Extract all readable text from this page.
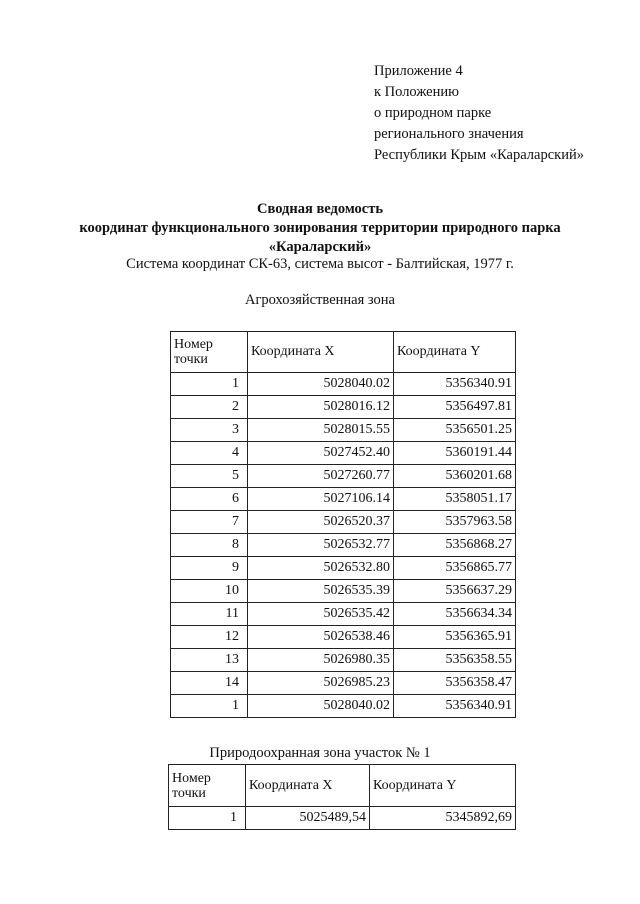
Приложение 4
к Положению
о природном парке
регионального значения
Республики Крым «Караларский»
Сводная ведомость
координат функционального зонирования территории природного парка
«Караларский»
Система координат СК-63, система высот - Балтийская, 1977 г.
Агрохозяйственная зона
Номер точки	Координата X	Координата Y
1	5028040.02	5356340.91
2	5028016.12	5356497.81
3	5028015.55	5356501.25
4	5027452.40	5360191.44
5	5027260.77	5360201.68
6	5027106.14	5358051.17
7	5026520.37	5357963.58
8	5026532.77	5356868.27
9	5026532.80	5356865.77
10	5026535.39	5356637.29
11	5026535.42	5356634.34
12	5026538.46	5356365.91
13	5026980.35	5356358.55
14	5026985.23	5356358.47
1	5028040.02	5356340.91
Природоохранная зона участок № 1
Номер точки	Координата X	Координата Y
1	5025489,54	5345892,69
